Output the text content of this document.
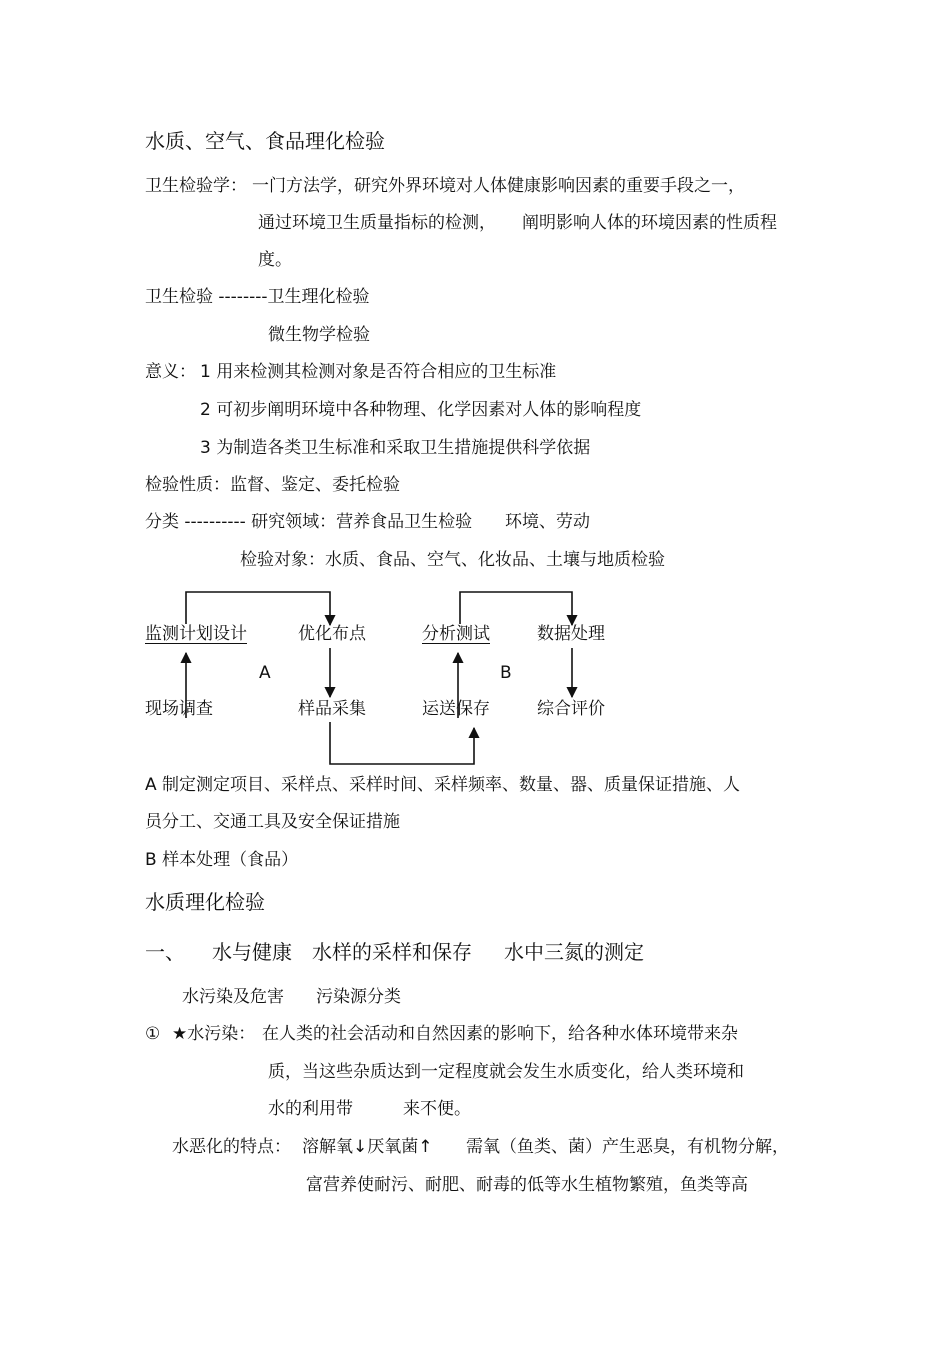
水质、空气、食品理化检验
卫生检验学： 一门方法学，研究外界环境对人体健康影响因素的重要手段之一，
通过环境卫生质量指标的检测， 阐明影响人体的环境因素的性质程
度。
卫生检验 --------卫生理化检验
微生物学检验
意义： 1 用来检测其检测对象是否符合相应的卫生标准
2 可初步阐明环境中各种物理、化学因素对人体的影响程度
3 为制造各类卫生标准和采取卫生措施提供科学依据
检验性质：监督、鉴定、委托检验
分类 ---------- 研究领域：营养食品卫生检验 环境、劳动
检验对象：水质、食品、空气、化妆品、土壤与地质检验
监测计划设计	优化布点	分析测试	数据处理
A	B
现场调查	样品采集	运送保存	综合评价
A 制定测定项目、采样点、采样时间、采样频率、数量、器、质量保证措施、人
员分工、交通工具及安全保证措施
B 样本处理（食品）
水质理化检验
一、 水与健康 水样的采样和保存 水中三氮的测定
水污染及危害 污染源分类
① ★水污染： 在人类的社会活动和自然因素的影响下，给各种水体环境带来杂
质，当这些杂质达到一定程度就会发生水质变化，给人类环境和
水的利用带	来不便。
水恶化的特点： 溶解氧↓厌氧菌↑ 需氧（鱼类、菌）产生恶臭，有机物分解，
富营养使耐污、耐肥、耐毒的低等水生植物繁殖，鱼类等高
